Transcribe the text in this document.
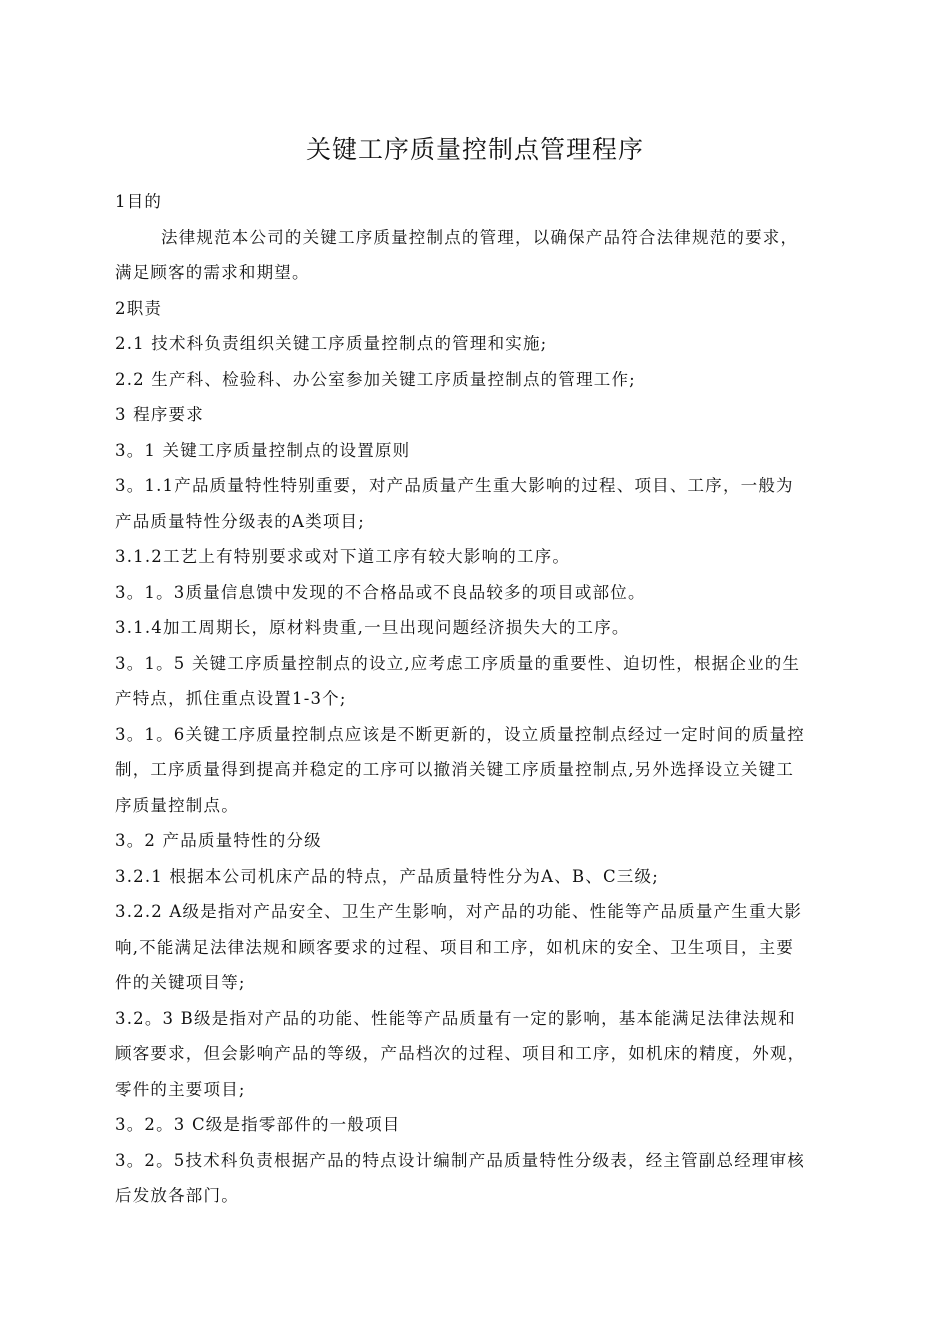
关键工序质量控制点管理程序

1目的

法律规范本公司的关键工序质量控制点的管理，以确保产品符合法律规范的要求，

满足顾客的需求和期望。

2职责

2.1 技术科负责组织关键工序质量控制点的管理和实施;

2.2 生产科、检验科、办公室参加关键工序质量控制点的管理工作;

3 程序要求

3。1 关键工序质量控制点的设置原则

3。1.1产品质量特性特别重要，对产品质量产生重大影响的过程、项目、工序，一般为

产品质量特性分级表的A类项目;

3.1.2工艺上有特别要求或对下道工序有较大影响的工序。

3。1。3质量信息馈中发现的不合格品或不良品较多的项目或部位。

3.1.4加工周期长，原材料贵重,一旦出现问题经济损失大的工序。

3。1。5 关键工序质量控制点的设立,应考虑工序质量的重要性、迫切性，根据企业的生

产特点，抓住重点设置1-3个;

3。1。6关键工序质量控制点应该是不断更新的，设立质量控制点经过一定时间的质量控

制，工序质量得到提高并稳定的工序可以撤消关键工序质量控制点,另外选择设立关键工

序质量控制点。

3。2 产品质量特性的分级

3.2.1 根据本公司机床产品的特点，产品质量特性分为A、B、C三级;

3.2.2 A级是指对产品安全、卫生产生影响，对产品的功能、性能等产品质量产生重大影

响,不能满足法律法规和顾客要求的过程、项目和工序，如机床的安全、卫生项目，主要

件的关键项目等;

3.2。3 B级是指对产品的功能、性能等产品质量有一定的影响，基本能满足法律法规和

顾客要求，但会影响产品的等级，产品档次的过程、项目和工序，如机床的精度，外观，

零件的主要项目;

3。2。3 C级是指零部件的一般项目

3。2。5技术科负责根据产品的特点设计编制产品质量特性分级表，经主管副总经理审核

后发放各部门。
